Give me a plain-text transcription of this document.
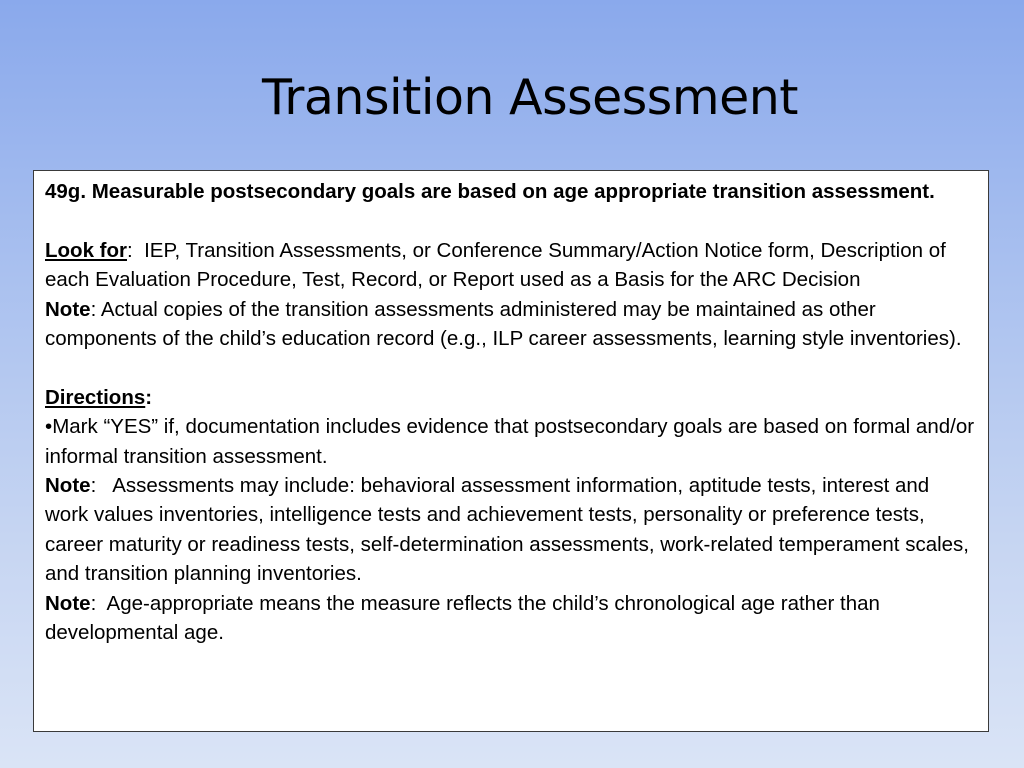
Transition Assessment

49g. Measurable postsecondary goals are based on age appropriate transition assessment.

Look for:  IEP, Transition Assessments, or Conference Summary/Action Notice form, Description of each Evaluation Procedure, Test, Record, or Report used as a Basis for the ARC Decision

Note: Actual copies of the transition assessments administered may be maintained as other components of the child’s education record (e.g., ILP career assessments, learning style inventories).

Directions:

•Mark “YES” if, documentation includes evidence that postsecondary goals are based on formal and/or informal transition assessment.

Note:   Assessments may include: behavioral assessment information, aptitude tests, interest and work values inventories, intelligence tests and achievement tests, personality or preference tests, career maturity or readiness tests, self-determination assessments, work-related temperament scales, and transition planning inventories.

Note:  Age-appropriate means the measure reflects the child’s chronological age rather than developmental age.
